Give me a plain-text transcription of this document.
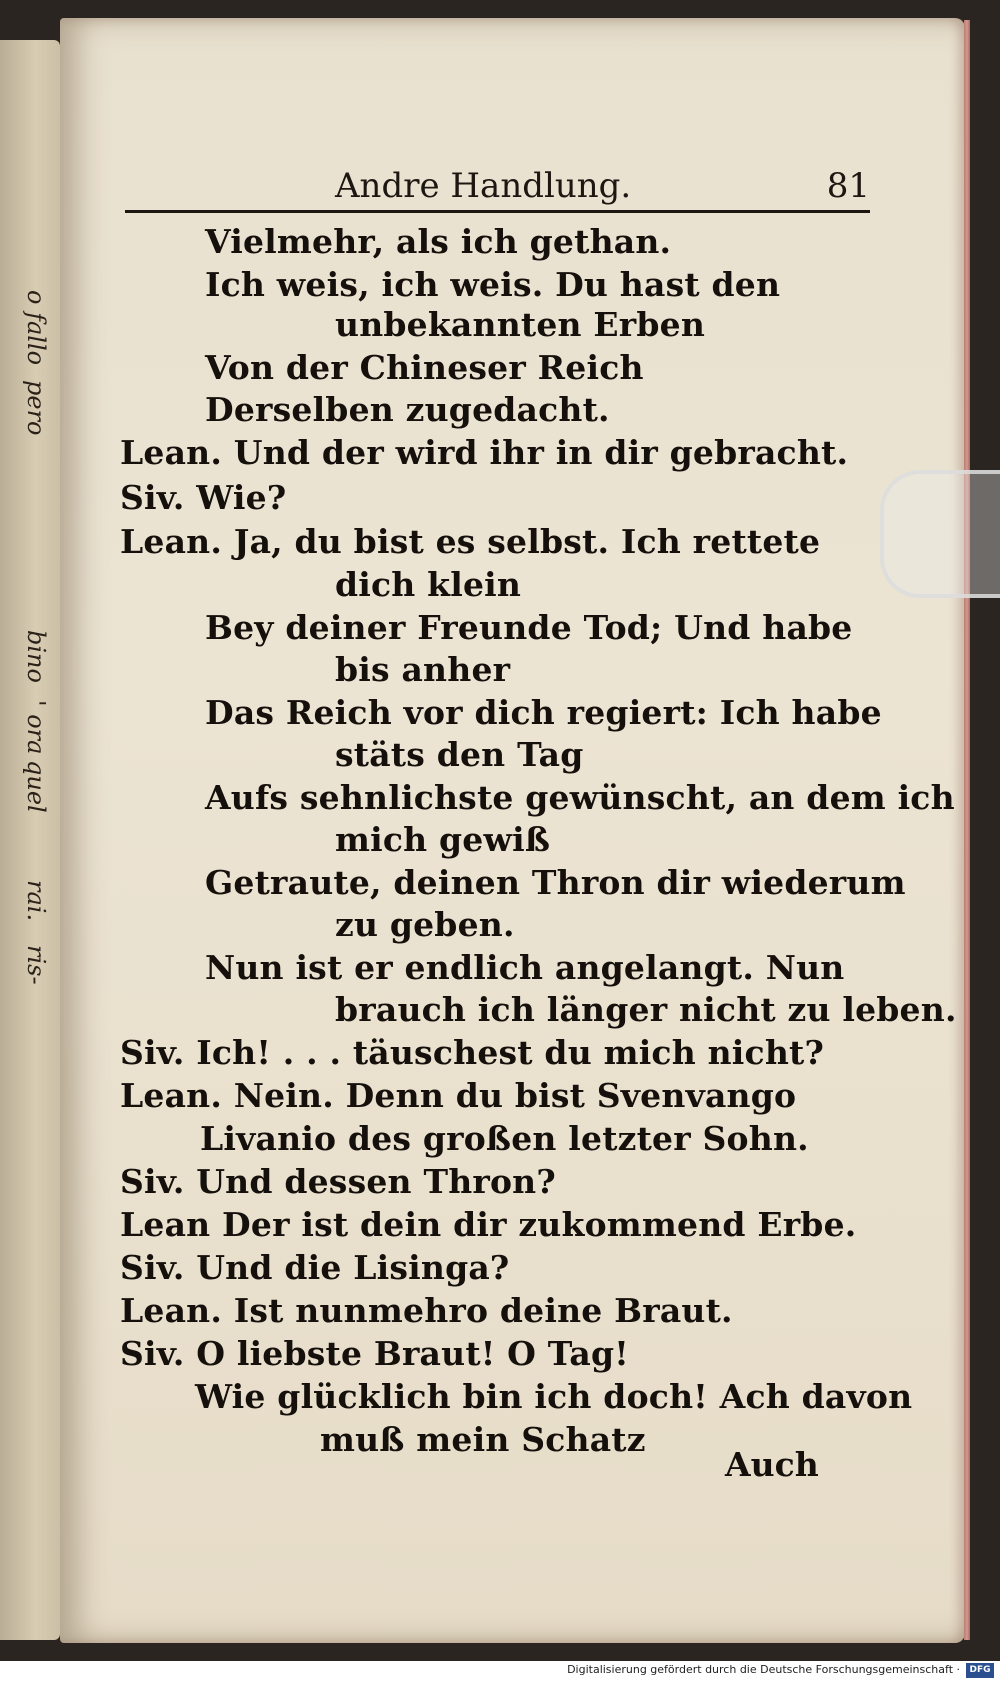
o fallo
pero
bino
' ora
quel
rai.
ris-
Andre Handlung.	81
Vielmehr, als ich gethan.
Ich weis, ich weis. Du hast den
unbekannten Erben
Von der Chineser Reich
Derselben zugedacht.
Lean. Und der wird ihr in dir gebracht.
Siv. Wie?
Lean. Ja, du bist es selbst. Ich rettete
dich klein
Bey deiner Freunde Tod; Und habe
bis anher
Das Reich vor dich regiert: Ich habe
stäts den Tag
Aufs sehnlichste gewünscht, an dem ich
mich gewiß
Getraute, deinen Thron dir wiederum
zu geben.
Nun ist er endlich angelangt. Nun
brauch ich länger nicht zu leben.
Siv. Ich! . . . täuschest du mich nicht?
Lean. Nein. Denn du bist Svenvango
Livanio des großen letzter Sohn.
Siv. Und dessen Thron?
Lean Der ist dein dir zukommend Erbe.
Siv. Und die Lisinga?
Lean. Ist nunmehro deine Braut.
Siv. O liebste Braut! O Tag!
Wie glücklich bin ich doch! Ach davon
muß mein Schatz
Auch
Digitalisierung gefördert durch die Deutsche Forschungsgemeinschaft ·	DFG
